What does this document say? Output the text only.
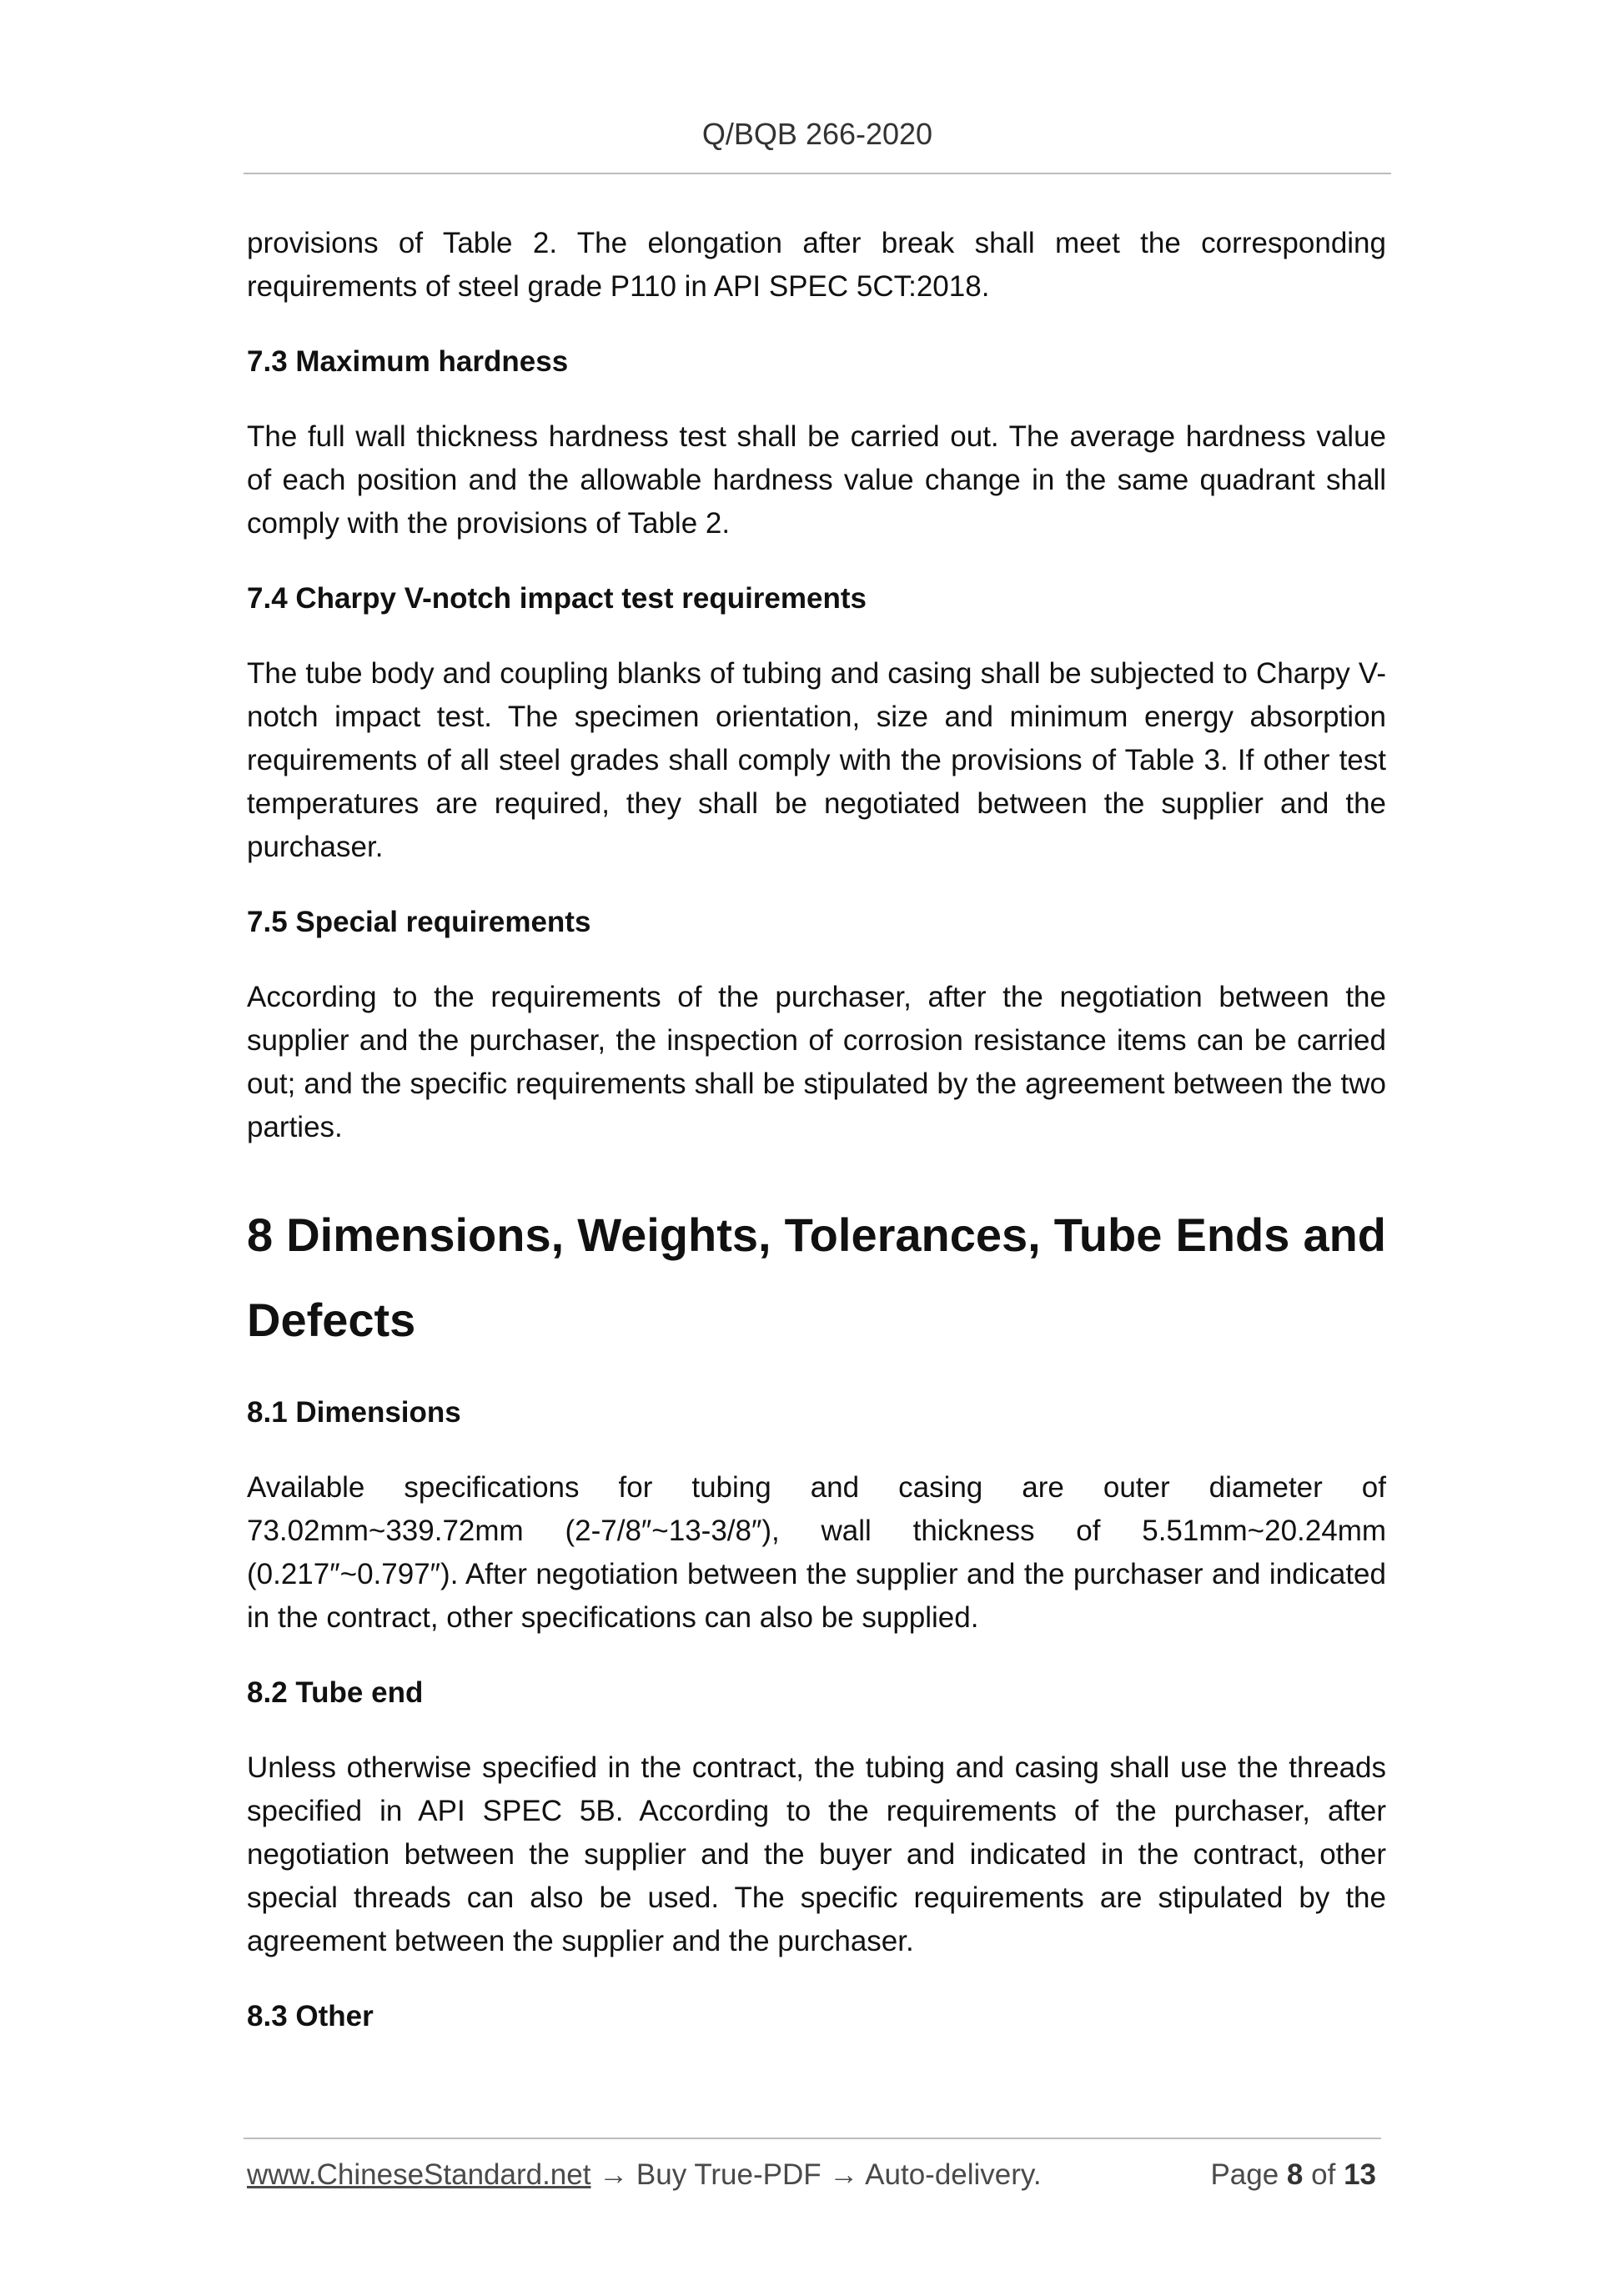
Q/BQB 266-2020

provisions of Table 2. The elongation after break shall meet the corresponding requirements of steel grade P110 in API SPEC 5CT:2018.

7.3 Maximum hardness

The full wall thickness hardness test shall be carried out. The average hardness value of each position and the allowable hardness value change in the same quadrant shall comply with the provisions of Table 2.

7.4 Charpy V-notch impact test requirements

The tube body and coupling blanks of tubing and casing shall be subjected to Charpy V-notch impact test. The specimen orientation, size and minimum energy absorption requirements of all steel grades shall comply with the provisions of Table 3. If other test temperatures are required, they shall be negotiated between the supplier and the purchaser.

7.5 Special requirements

According to the requirements of the purchaser, after the negotiation between the supplier and the purchaser, the inspection of corrosion resistance items can be carried out; and the specific requirements shall be stipulated by the agreement between the two parties.

8 Dimensions, Weights, Tolerances, Tube Ends and Defects
8.1 Dimensions

Available specifications for tubing and casing are outer diameter of 73.02mm~339.72mm (2-7/8″~13-3/8″), wall thickness of 5.51mm~20.24mm (0.217″~0.797″). After negotiation between the supplier and the purchaser and indicated in the contract, other specifications can also be supplied.

8.2 Tube end

Unless otherwise specified in the contract, the tubing and casing shall use the threads specified in API SPEC 5B. According to the requirements of the purchaser, after negotiation between the supplier and the buyer and indicated in the contract, other special threads can also be used. The specific requirements are stipulated by the agreement between the supplier and the purchaser.

8.3 Other
www.ChineseStandard.net → Buy True-PDF → Auto-delivery.	Page 8 of 13
